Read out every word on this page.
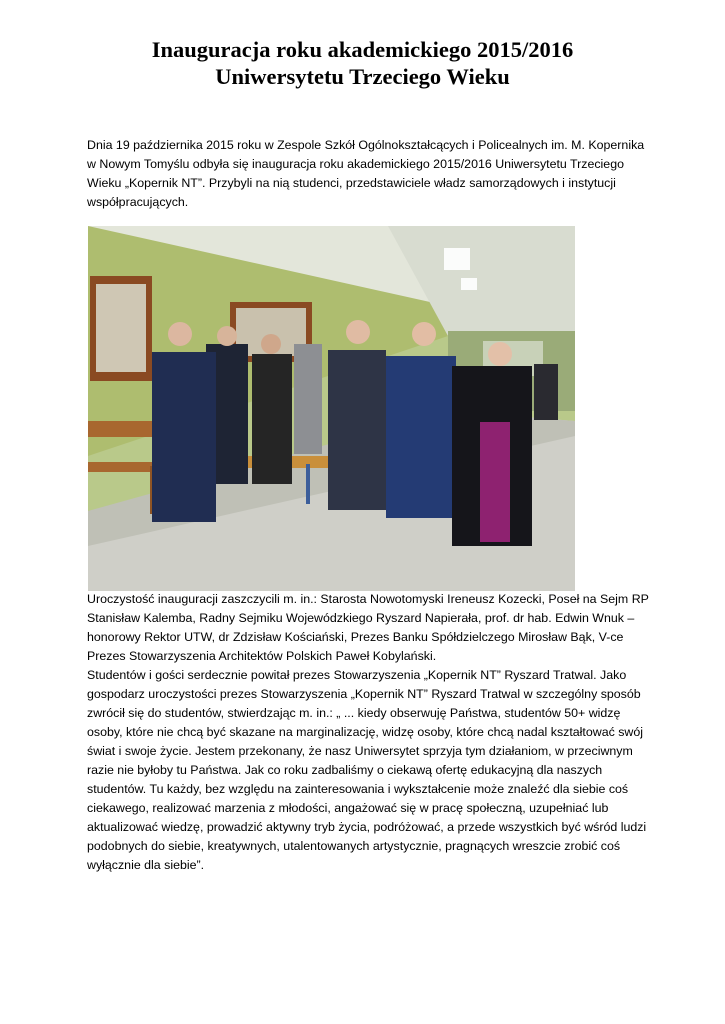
Inauguracja roku akademickiego 2015/2016
Uniwersytetu Trzeciego Wieku
Dnia 19 października 2015 roku w Zespole Szkół Ogólnokształcących i Policealnych im. M. Kopernika
w Nowym Tomyślu odbyła się inauguracja roku akademickiego 2015/2016 Uniwersytetu Trzeciego
Wieku „Kopernik NT”. Przybyli na nią studenci, przedstawiciele władz samorządowych i instytucji
współpracujących.
Uroczystość inauguracji zaszczycili m. in.: Starosta Nowotomyski Ireneusz Kozecki, Poseł na Sejm RP
Stanisław Kalemba, Radny Sejmiku Wojewódzkiego Ryszard Napierała, prof. dr hab. Edwin Wnuk –
honorowy Rektor UTW, dr Zdzisław Kościański, Prezes Banku Spółdzielczego Mirosław Bąk, V-ce
Prezes Stowarzyszenia Architektów Polskich Paweł Kobylański.
Studentów i gości serdecznie powitał prezes Stowarzyszenia „Kopernik NT” Ryszard Tratwal. Jako
gospodarz uroczystości prezes Stowarzyszenia „Kopernik NT” Ryszard Tratwal w szczególny sposób
zwrócił się do studentów, stwierdzając m. in.: „ ... kiedy obserwuję Państwa, studentów 50+ widzę
osoby, które nie chcą być skazane na marginalizację, widzę osoby, które chcą nadal kształtować swój
świat i swoje życie. Jestem przekonany, że nasz Uniwersytet sprzyja tym działaniom, w przeciwnym
razie nie byłoby tu Państwa. Jak co roku zadbaliśmy o ciekawą ofertę edukacyjną dla naszych
studentów. Tu każdy, bez względu na zainteresowania i wykształcenie może znaleźć dla siebie coś
ciekawego, realizować marzenia z młodości, angażować się w pracę społeczną, uzupełniać lub
aktualizować wiedzę, prowadzić aktywny tryb życia, podróżować, a przede wszystkich być wśród ludzi
podobnych do siebie, kreatywnych, utalentowanych artystycznie, pragnących wreszcie zrobić coś
wyłącznie dla siebie”.
